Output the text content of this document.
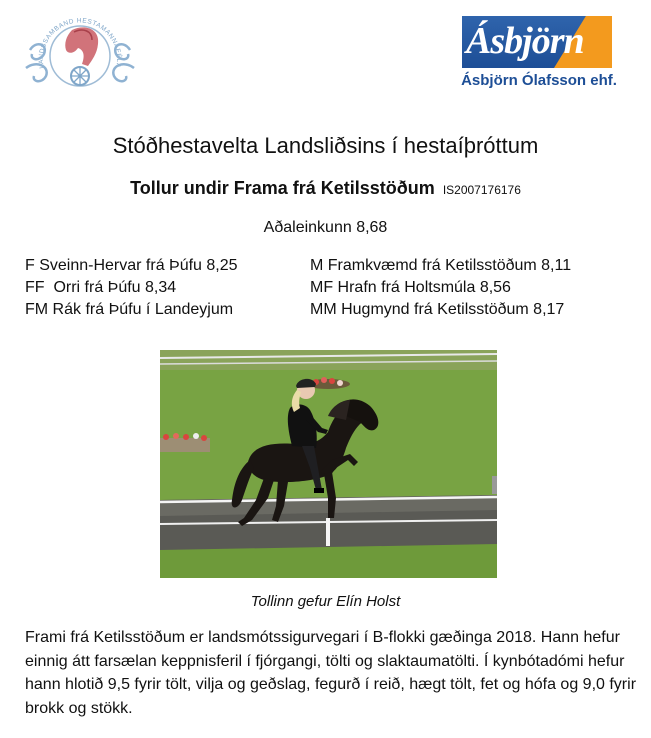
LANDSSAMBAND HESTAMANNAFÉLA
Ásbjörn
Ásbjörn Ólafsson ehf.
Stóðhestavelta Landsliðsins í hestaíþróttum
Tollur undir Frama frá Ketilsstöðum IS2007176176
Aðaleinkunn 8,68
F Sveinn-Hervar frá Þúfu 8,25
FF  Orri frá Þúfu 8,34
FM Rák frá Þúfu í Landeyjum
M Framkvæmd frá Ketilsstöðum 8,11
MF Hrafn frá Holtsmúla 8,56
MM Hugmynd frá Ketilsstöðum 8,17
Tollinn gefur Elín Holst
Frami frá Ketilsstöðum er landsmótssigurvegari í B-flokki gæðinga 2018. Hann hefur einnig átt farsælan keppnisferil í fjórgangi, tölti og slaktaumatölti. Í kynbótadómi hefur hann hlotið 9,5 fyrir tölt, vilja og geðslag, fegurð í reið, hægt tölt, fet og hófa og 9,0 fyrir brokk og stökk.
